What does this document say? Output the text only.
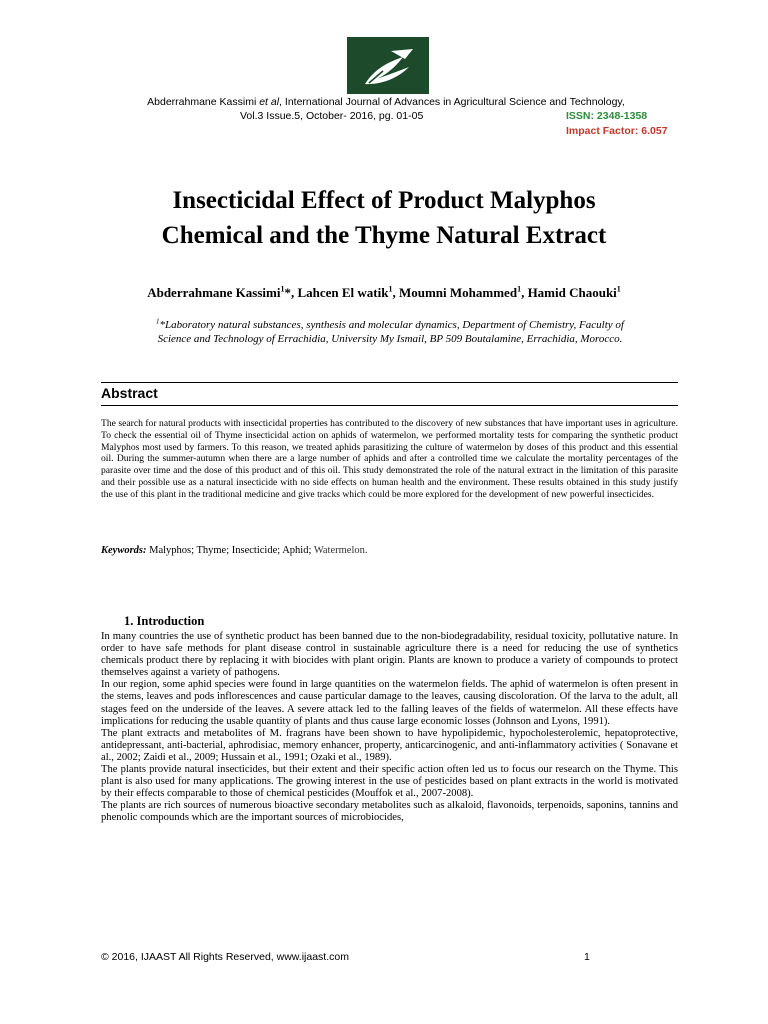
Abderrahmane Kassimi et al, International Journal of Advances in Agricultural Science and Technology,
Vol.3 Issue.5, October- 2016, pg. 01-05	ISSN: 2348-1358
Impact Factor: 6.057
Insecticidal Effect of Product Malyphos
Chemical and the Thyme Natural Extract
Abderrahmane Kassimi$^1$*, Lahcen El watik$^1$, Moumni Mohammed$^1$, Hamid Chaouki$^1$
$^1$*Laboratory natural substances, synthesis and molecular dynamics, Department of Chemistry, Faculty of
Science and Technology of Errachidia, University My Ismail, BP 509 Boutalamine, Errachidia, Morocco.
Abstract
The search for natural products with insecticidal properties has contributed to the discovery of new substances that have important uses in agriculture. To check the essential oil of Thyme insecticidal action on aphids of watermelon, we performed mortality tests for comparing the synthetic product Malyphos most used by farmers. To this reason, we treated aphids parasitizing the culture of watermelon by doses of this product and this essential oil. During the summer-autumn when there are a large number of aphids and after a controlled time we calculate the mortality percentages of the parasite over time and the dose of this product and of this oil. This study demonstrated the role of the natural extract in the limitation of this parasite and their possible use as a natural insecticide with no side effects on human health and the environment. These results obtained in this study justify the use of this plant in the traditional medicine and give tracks which could be more explored for the development of new powerful insecticides.
Keywords: Malyphos; Thyme; Insecticide; Aphid; Watermelon.
1. Introduction

In many countries the use of synthetic product has been banned due to the non-biodegradability, residual toxicity, pollutative nature. In order to have safe methods for plant disease control in sustainable agriculture there is a need for reducing the use of synthetics chemicals product there by replacing it with biocides with plant origin. Plants are known to produce a variety of compounds to protect themselves against a variety of pathogens.

In our region, some aphid species were found in large quantities on the watermelon fields. The aphid of watermelon is often present in the stems, leaves and pods inflorescences and cause particular damage to the leaves, causing discoloration. Of the larva to the adult, all stages feed on the underside of the leaves. A severe attack led to the falling leaves of the fields of watermelon. All these effects have implications for reducing the usable quantity of plants and thus cause large economic losses (Johnson and Lyons, 1991).

The plant extracts and metabolites of M. fragrans have been shown to have hypolipidemic, hypocholesterolemic, hepatoprotective, antidepressant, anti-bacterial, aphrodisiac, memory enhancer, property, anticarcinogenic, and anti-inflammatory activities ( Sonavane et al., 2002; Zaidi et al., 2009; Hussain et al., 1991; Ozaki et al., 1989).

The plants provide natural insecticides, but their extent and their specific action often led us to focus our research on the Thyme. This plant is also used for many applications. The growing interest in the use of pesticides based on plant extracts in the world is motivated by their effects comparable to those of chemical pesticides (Mouffok et al., 2007-2008).

The plants are rich sources of numerous bioactive secondary metabolites such as alkaloid, flavonoids, terpenoids, saponins, tannins and phenolic compounds which are the important sources of microbiocides,

© 2016, IJAAST All Rights Reserved, www.ijaast.com	1
